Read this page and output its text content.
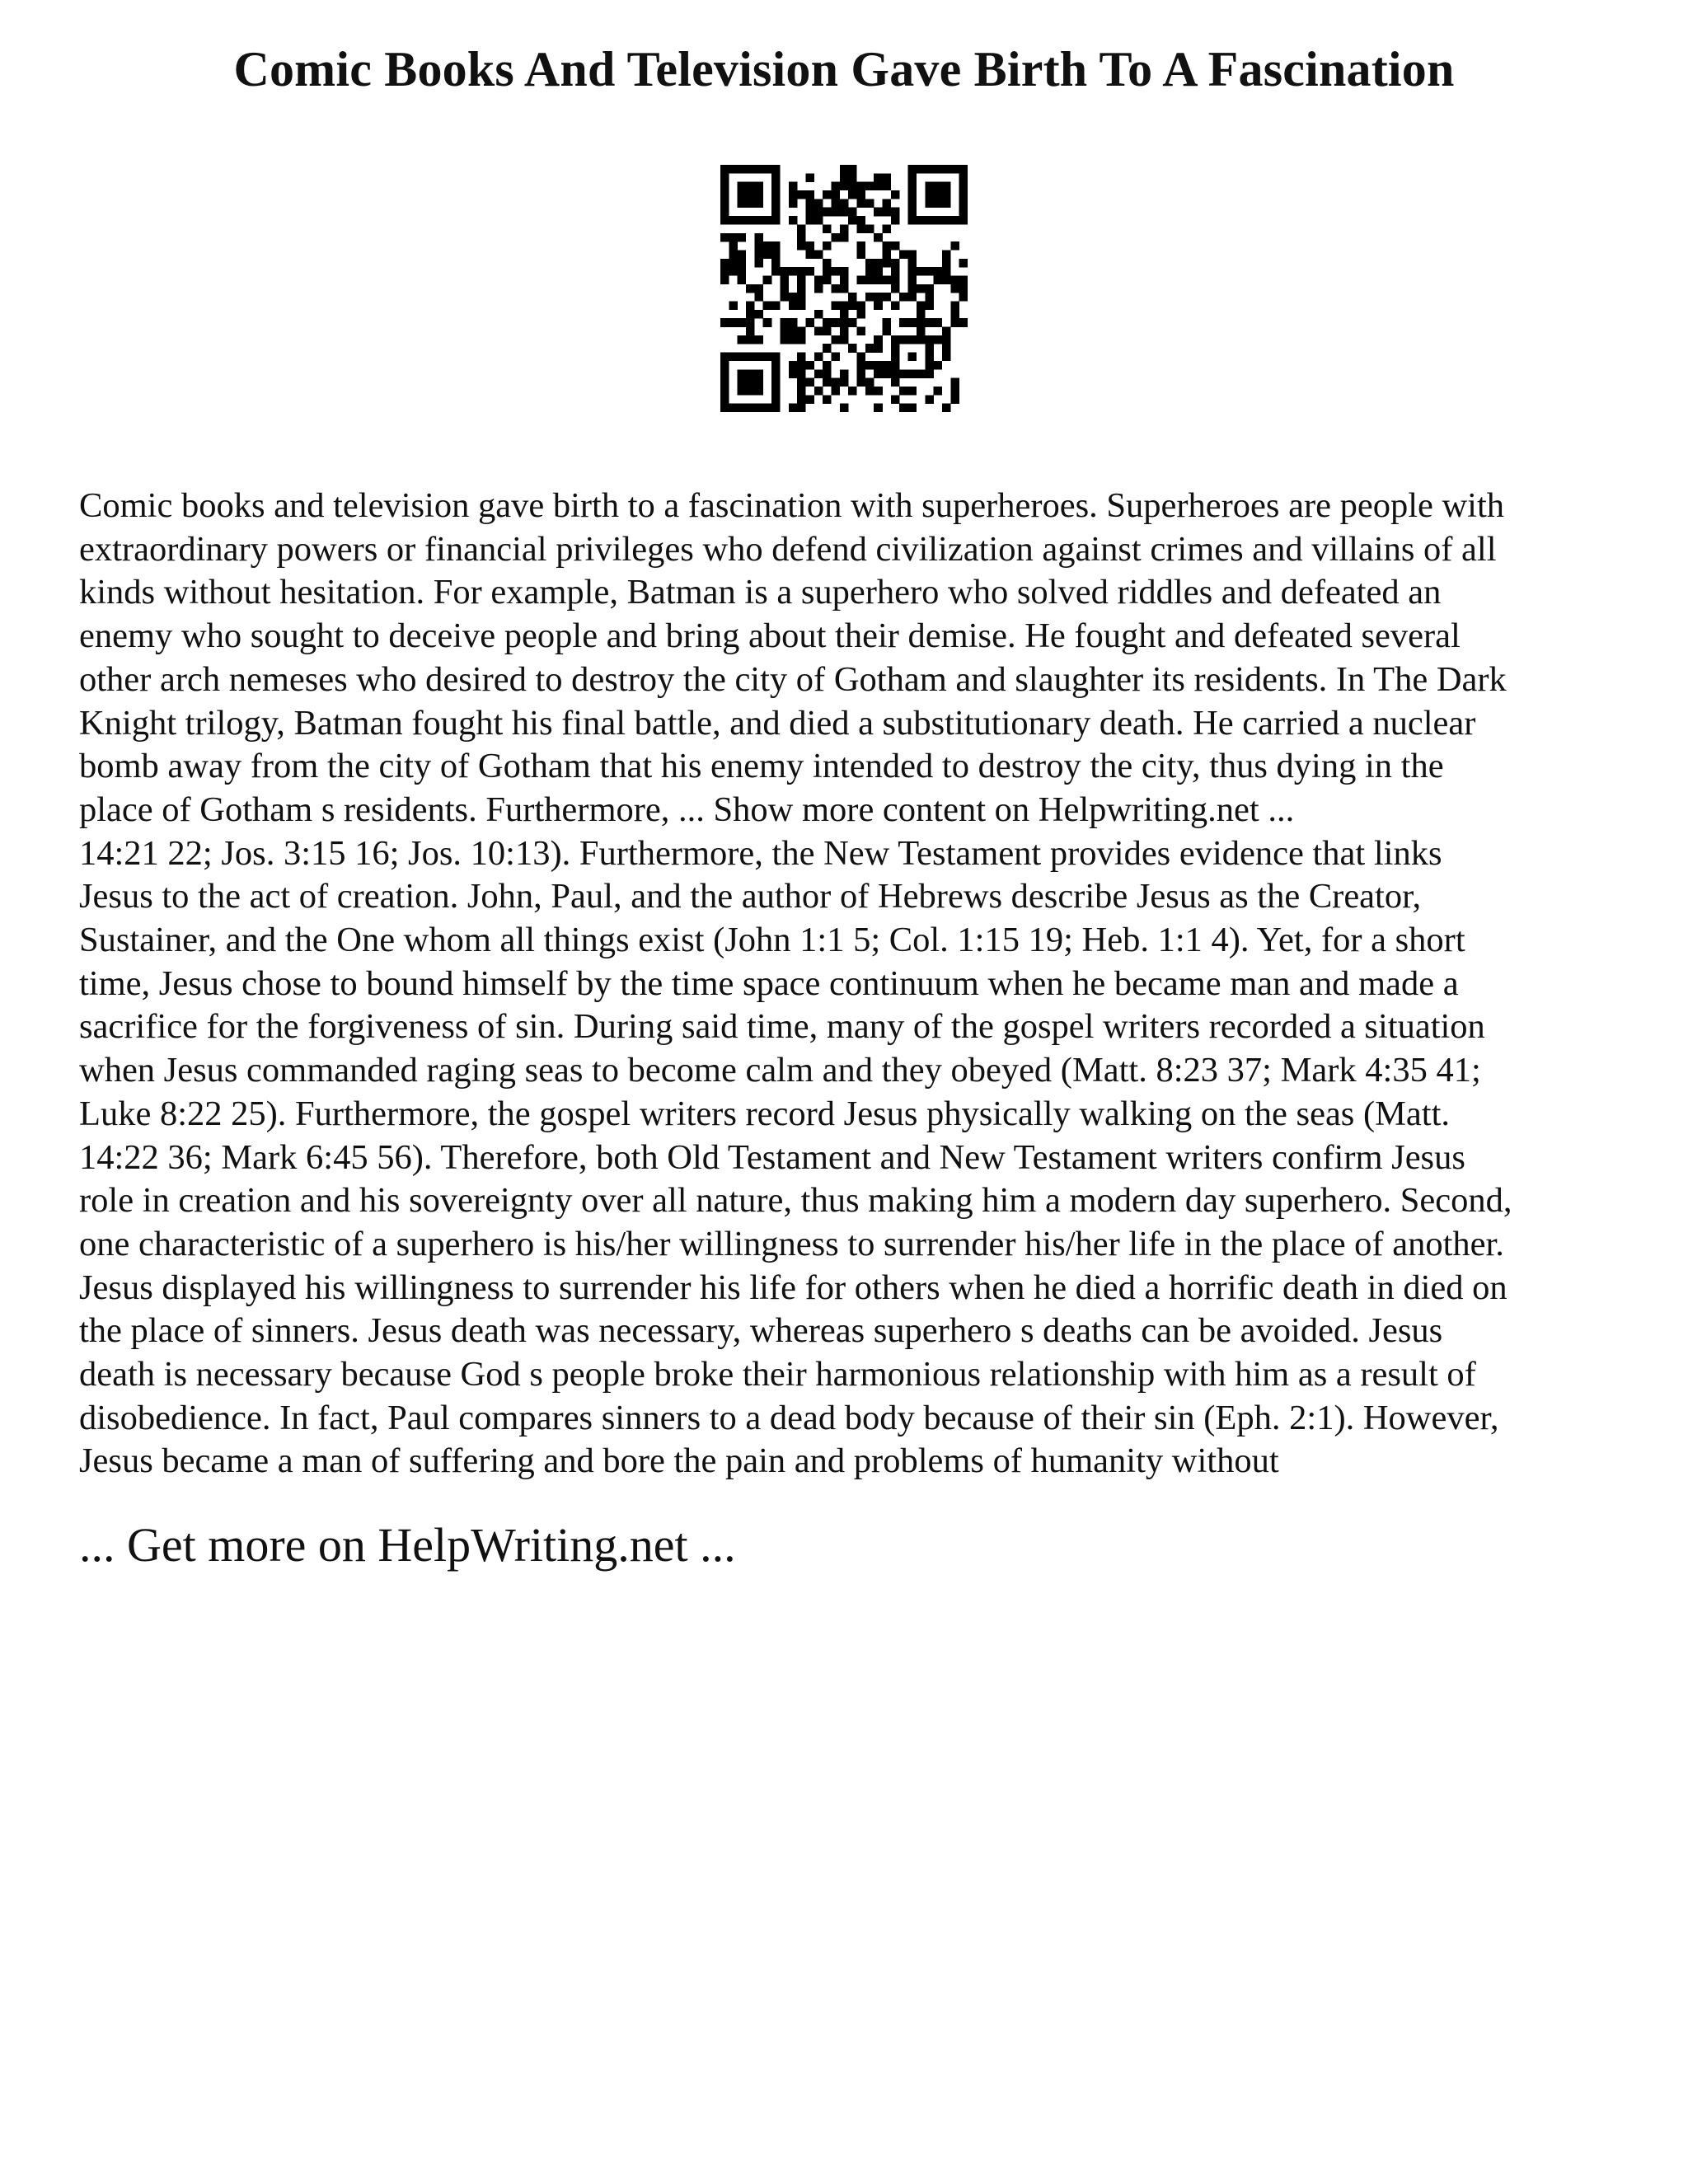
Comic Books And Television Gave Birth To A Fascination
Comic books and television gave birth to a fascination with superheroes. Superheroes are people with
extraordinary powers or financial privileges who defend civilization against crimes and villains of all
kinds without hesitation. For example, Batman is a superhero who solved riddles and defeated an
enemy who sought to deceive people and bring about their demise. He fought and defeated several
other arch nemeses who desired to destroy the city of Gotham and slaughter its residents. In The Dark
Knight trilogy, Batman fought his final battle, and died a substitutionary death. He carried a nuclear
bomb away from the city of Gotham that his enemy intended to destroy the city, thus dying in the
place of Gotham s residents. Furthermore, ... Show more content on Helpwriting.net ...
14:21 22; Jos. 3:15 16; Jos. 10:13). Furthermore, the New Testament provides evidence that links
Jesus to the act of creation. John, Paul, and the author of Hebrews describe Jesus as the Creator,
Sustainer, and the One whom all things exist (John 1:1 5; Col. 1:15 19; Heb. 1:1 4). Yet, for a short
time, Jesus chose to bound himself by the time space continuum when he became man and made a
sacrifice for the forgiveness of sin. During said time, many of the gospel writers recorded a situation
when Jesus commanded raging seas to become calm and they obeyed (Matt. 8:23 37; Mark 4:35 41;
Luke 8:22 25). Furthermore, the gospel writers record Jesus physically walking on the seas (Matt.
14:22 36; Mark 6:45 56). Therefore, both Old Testament and New Testament writers confirm Jesus
role in creation and his sovereignty over all nature, thus making him a modern day superhero. Second,
one characteristic of a superhero is his/her willingness to surrender his/her life in the place of another.
Jesus displayed his willingness to surrender his life for others when he died a horrific death in died on
the place of sinners. Jesus death was necessary, whereas superhero s deaths can be avoided. Jesus
death is necessary because God s people broke their harmonious relationship with him as a result of
disobedience. In fact, Paul compares sinners to a dead body because of their sin (Eph. 2:1). However,
Jesus became a man of suffering and bore the pain and problems of humanity without
... Get more on HelpWriting.net ...
